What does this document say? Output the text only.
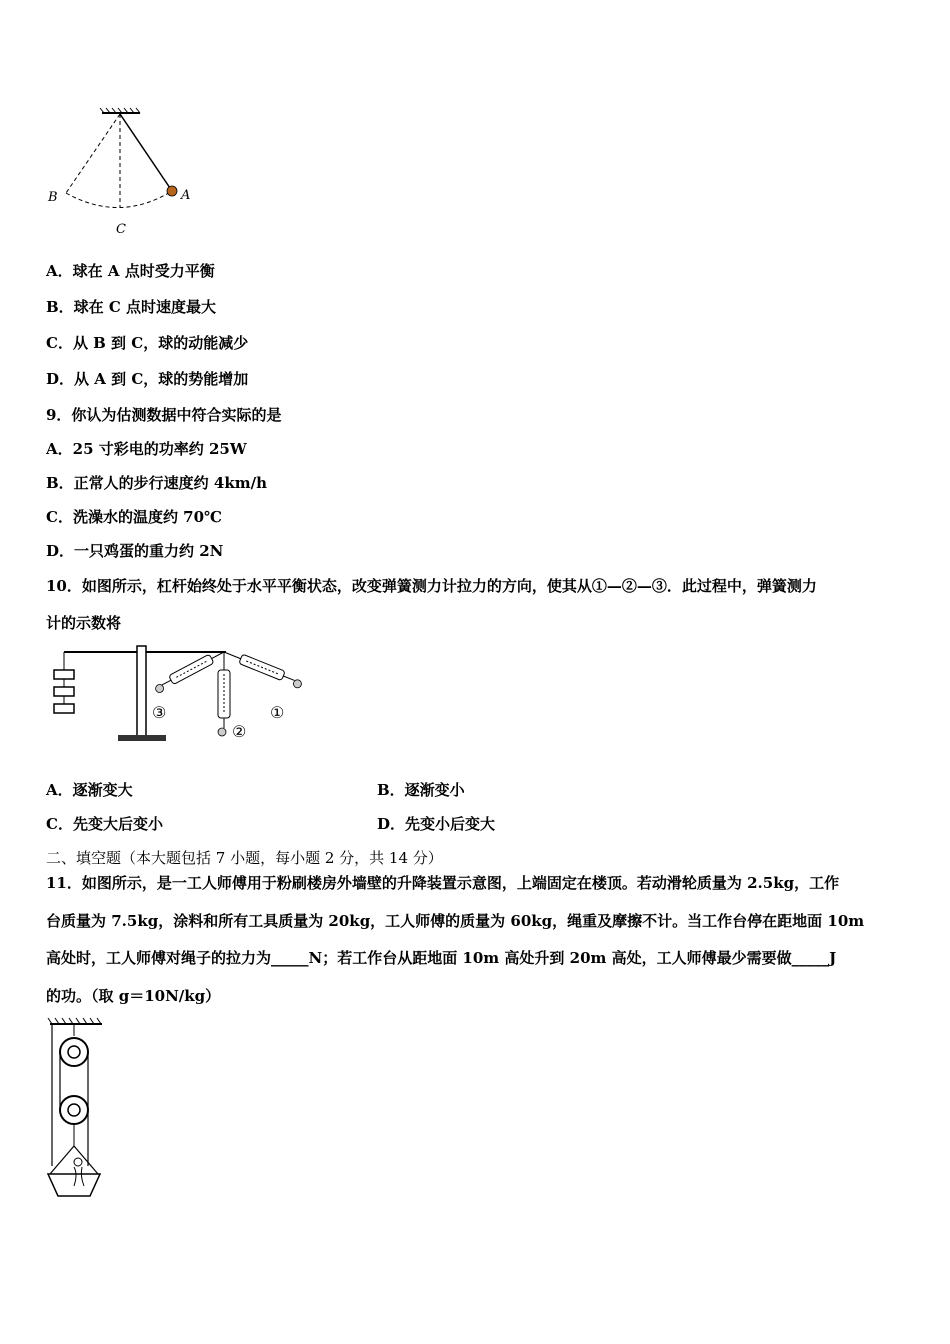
A
B
C
A．球在 A 点时受力平衡
B．球在 C 点时速度最大
C．从 B 到 C，球的动能减少
D．从 A 到 C，球的势能增加
9．你认为估测数据中符合实际的是
A．25 寸彩电的功率约 25W
B．正常人的步行速度约 4km/h
C．洗澡水的温度约 70℃
D．一只鸡蛋的重力约 2N
10．如图所示，杠杆始终处于水平平衡状态，改变弹簧测力计拉力的方向，使其从①—②—③．此过程中，弹簧测力
计的示数将
①
②
③
A．逐渐变大	B．逐渐变小
C．先变大后变小	D．先变小后变大
二、填空题（本大题包括 7 小题，每小题 2 分，共 14 分）
11．如图所示，是一工人师傅用于粉刷楼房外墙壁的升降装置示意图，上端固定在楼顶。若动滑轮质量为 2.5kg，工作
台质量为 7.5kg，涂料和所有工具质量为 20kg，工人师傅的质量为 60kg，绳重及摩擦不计。当工作台停在距地面 10m
高处时，工人师傅对绳子的拉力为_____N；若工作台从距地面 10m 高处升到 20m 高处，工人师傅最少需要做_____J
的功。（取 g＝10N/kg）
